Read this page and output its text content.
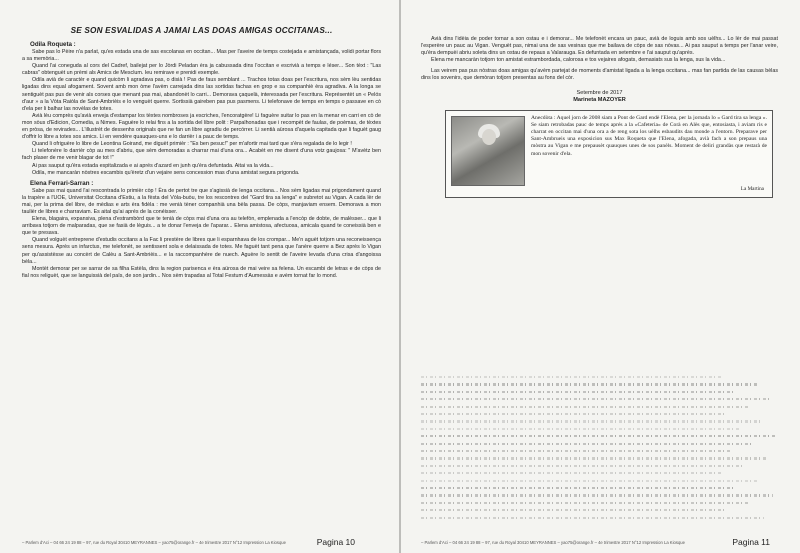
SE SON ESVALIDAS A JAMAI LAS DOAS AMIGAS OCCITANAS...
Odila Roqueta :

Sabe pas lo Pèire n'a parlat, qu'es estada una de sas escolanas en occitan... Mas per l'aveire de temps costejada e amistançada, volidi portar flors a sa memòria...

Quand l'ai conegudа al cors del Cadref, bailejat per lo Jòrdi Peladan èra ja cabussada dins l'occitan e escrivià a temps e léser... Son tèxt : "Las cabras" obtenguèt un prèmi als Amics de Mesclum. Ieu remirave e prenidi exemple.

Odila avià de caractèr e quand quicòm li agradava pas, o disià ! Pas de faus semblant ... Trachos totas doas per l'escritura, nos sèm lèu sentidas ligadas dins equal afogament. Sovent amb mon òme l'avèm carrejada dins las sortidas fachas en grop e sa companhiè èra agradiva. A la longa se sentiguèt pas pus de venir als corses que menant pas mai, abandonèt lo carri... Demorava çaquelà, interessada per l'escritura. Représentèt un « Pelós d'aur » a la Vòta Raiòla de Sant-Ambrièis e lo venguèt querre. Sortissià gaireben pas pus pasmens. Li telefonave de temps en temps o passave en cò d'ela per li balhar las novèlas de totes.

Avià lèu comprès qu'avià enveja d'estampar los tèxtes nombroses ja escriches, l'encoratgère! Li faguère suitar lo pas en la menar en carri en cò de mon sòus d'Edicion, Comedia, a Nimes. Faguère lo relai fins a la sortida del libre polit : Parpalhonadas que i recompèt de faulas, de poèmas, de tèxtes en pròsa, de revirades... L'illustrèt de dessenhs originals que ne fan un libre agradiu de percórrer. Li sentià aürosa d'aquela capitada que li faguèt gaug d'offrir lo libre a totes sos amics. Li en vendère quauques-uns e lo darrièr i a pauc de temps.

Quand li ofriguère lo libre de Leontina Goirand, me diguèt primièr : "Es ben pesuc!" per m'afortir mai tard que s'èra regalada de lo legir !

Li telefonère lo darrièr còp au mes d'abriu, que sèm demoradas a charrar mai d'una ora... Acabèt en me disent d'una votz gaujosa: " M'avètz ben fach plaser de me venir blagar de tot !"

Ai pas sauput qu'èra estada espitalizada e ai aprés d'azard en junh qu'èra defuntada. Aitai va la vida...

Odila, me mancaràn nòstres escambis qu'èretz d'un vejaire sens concession mas d'una amistat segura prigonda.

Elena Ferrari-Sarran :

Sabe pas mai quand l'ai rescontrada lo primièr còp ! Èra de pertot tre que s'agissià de lenga occitana... Nos sèm ligadas mai prigondament quand la trapère a l'UOE, Universitat Occitana d'Estiu, a la fèsta del Vòla-buòu, tre los rescontres del "Gard tira sa lenga" e subretot au Vigan. A cada lèr de mai, per la prima del libre, de mèdias e arts èra fidèla : me venià tèner companhià una bèla passa. De còps, manjaviam ensem. Demorava a mon taulièr de libres e charraviam. Es aital qu'ai aprés de la conéisser.

Elena, blagaira, expansiva, plena d'estrambòrd que te tenià de còps mai d'una ora au telefòn, emplenada a l'encòp de dobte, de malèsser... que li arribava totjorn de malparadas, que se fasià de lèguis... a te donar l'enveja de l'aparar... Elena amistosa, afectuosa, amicala quand te coneissià ben e que te presava.

Quand volguèt entreprene d'estudis occitans a la Fac li prestère de libres que li esparnhava de los crompar... Me'n aguèt totjorn una reconeissença sens mesura. Après un infarctus, me telefonèt, se sentissent sola e delaissada de totes. Me faguèt tant pena que l'anère querre a Bez après lo Vigan per qu'assistèsse au concèrt de Calèu a Sant-Ambrièis... e la raccompanhère de nuech. Aguère lo sentit de l'aveire levada d'una crisa d'angoissa bèla...

Montèt demorar per se sarrar de sa filha Estèla, dins la region parisenca e èra aürosa de mai veire sa felena. Un escambi de letras e de còps de fial nos religuèt, que se languissià del païs, de son jardin... Nos sèm trapadas al Total Festum d'Aumessàs e avèm tornat far lo mond.

– Parlem d'Aci – 04 66 24 19 88 – 97, rue du Royal 30410 MEYRANNES – yao75@orange.fr – 4e trimestre 2017 N°12 Impression La Kiosque	Pagina 10

Avià dins l'idèia de poder tornar a son ostau e i demorar... Me telefonèt encara un pauc, avià de loguis amb sos uèlhs... Lo lèr de mai passat l'esperère un pauc au Vigan. Venguèt pas, nimai una de sas vesinas que me bailava de còps de sas nòvas... Ai pas sauput a temps per l'anar veire, qu'èra dempuèi abriu soleta dins un ostau de repaus a Valarauga. Es defuntada en setembre e l'ai sauput qu'après.

Elena me mancaràn totjorn ton amistat estrambordada, calorosa e tos vejaires afogats, demasiats sus la lenga, sus la vida...

Las veirem pas pus nòstras doas amigas qu'avèm partejat de moments d'amistat ligada a la lenga occitana... mas fan partida de las causas bèlas dins los sovenirs, que demòran totjorn presentas au fons del còr.

Setembre de 2017
Marineta MAZOYER
Anecdòta : Aquel jorn de 2008 siam a Pont de Gard endè l'Elena, per la jornada lo « Gard tira sa lenga ». Se siam retrobadas pauc de temps aprés a la «Cafeteria» de Corà en Alès que, entosiasta, i aviam ris e charrat en occitan mai d'una ora a de reng sota los uèlhs esbaudits dau monde a l'entorn. Preparave per Sant-Ambrueis una exposicion sus Max Roqueta que l'Elena, afogada, avià fach a son prepaus una mòstra au Vigan e me prepausèt quauques unes de sos panèls. Moment de deliri grandàs que restarà de mon sovenir d'ela.
La Martina
– Parlem d'Aci – 04 66 24 19 88 – 97, rue du Royal 30410 MEYRANNES – yao75@orange.fr – 4e trimestre 2017 N°12 Impression La Kiosque	Pagina 11
